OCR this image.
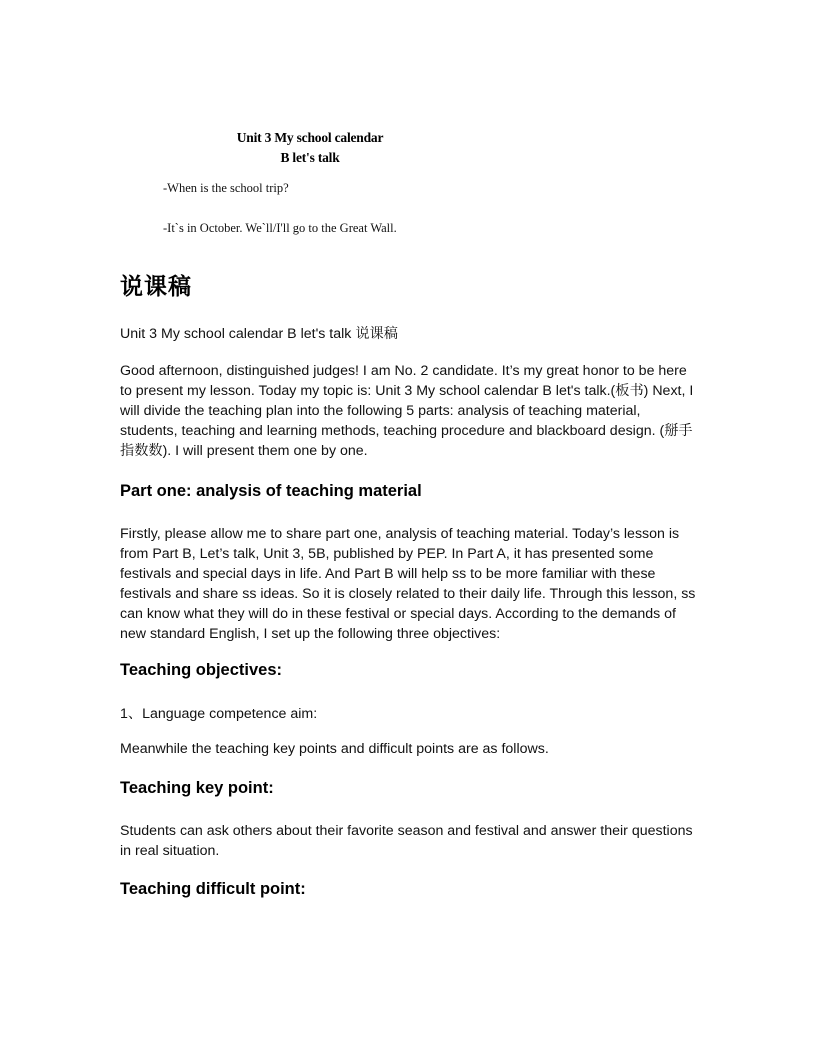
Unit 3 My school calendar
B let's talk
-When is the school trip?
-It`s in October. We`ll/I'll go to the Great Wall.
说课稿
Unit 3 My school calendar B let's talk 说课稿
Good afternoon, distinguished judges! I am No. 2 candidate. It’s my great honor to be here to present my lesson. Today my topic is: Unit 3 My school calendar B let's talk.(板书) Next, I will divide the teaching plan into the following 5 parts: analysis of teaching material, students, teaching and learning methods, teaching procedure and blackboard design. (掰手指数数). I will present them one by one.
Part one: analysis of teaching material
Firstly, please allow me to share part one, analysis of teaching material. Today’s lesson is from Part B, Let’s talk, Unit 3, 5B, published by PEP. In Part A, it has presented some festivals and special days in life. And Part B will help ss to be more familiar with these festivals and share ss ideas. So it is closely related to their daily life. Through this lesson, ss can know what they will do in these festival or special days. According to the demands of new standard English, I set up the following three objectives:
Teaching objectives:
1、Language competence aim:
Meanwhile the teaching key points and difficult points are as follows.
Teaching key point:
Students can ask others about their favorite season and festival and answer their questions in real situation.
Teaching difficult point:
